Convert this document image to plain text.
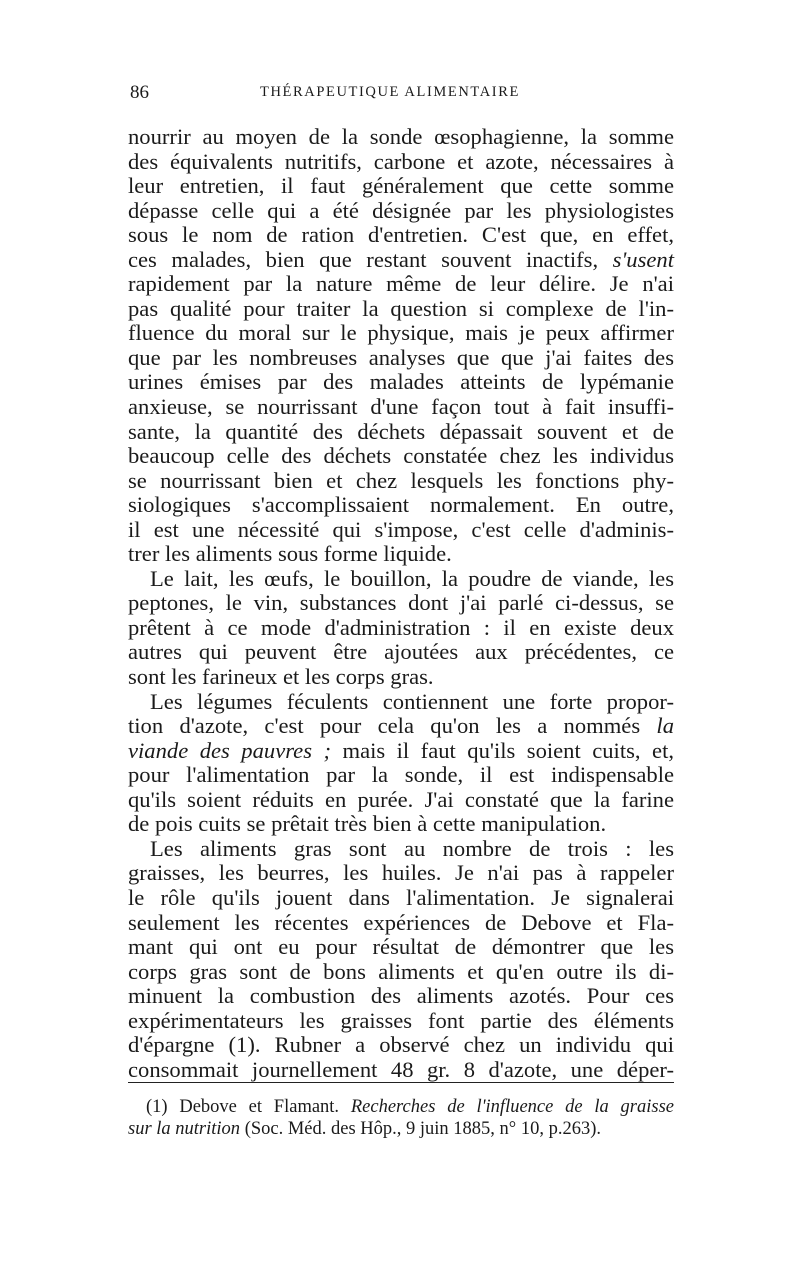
86	THÉRAPEUTIQUE ALIMENTAIRE
nourrir au moyen de la sonde œsophagienne, la somme
des équivalents nutritifs, carbone et azote, nécessaires à
leur entretien, il faut généralement que cette somme
dépasse celle qui a été désignée par les physiologistes
sous le nom de ration d'entretien. C'est que, en effet,
ces malades, bien que restant souvent inactifs, s'usent
rapidement par la nature même de leur délire. Je n'ai
pas qualité pour traiter la question si complexe de l'in-
fluence du moral sur le physique, mais je peux affirmer
que par les nombreuses analyses que que j'ai faites des
urines émises par des malades atteints de lypémanie
anxieuse, se nourrissant d'une façon tout à fait insuffi-
sante, la quantité des déchets dépassait souvent et de
beaucoup celle des déchets constatée chez les individus
se nourrissant bien et chez lesquels les fonctions phy-
siologiques s'accomplissaient normalement. En outre,
il est une nécessité qui s'impose, c'est celle d'adminis-
trer les aliments sous forme liquide.
Le lait, les œufs, le bouillon, la poudre de viande, les
peptones, le vin, substances dont j'ai parlé ci-dessus, se
prêtent à ce mode d'administration : il en existe deux
autres qui peuvent être ajoutées aux précédentes, ce
sont les farineux et les corps gras.
Les légumes féculents contiennent une forte propor-
tion d'azote, c'est pour cela qu'on les a nommés la
viande des pauvres ; mais il faut qu'ils soient cuits, et,
pour l'alimentation par la sonde, il est indispensable
qu'ils soient réduits en purée. J'ai constaté que la farine
de pois cuits se prêtait très bien à cette manipulation.
Les aliments gras sont au nombre de trois : les
graisses, les beurres, les huiles. Je n'ai pas à rappeler
le rôle qu'ils jouent dans l'alimentation. Je signalerai
seulement les récentes expériences de Debove et Fla-
mant qui ont eu pour résultat de démontrer que les
corps gras sont de bons aliments et qu'en outre ils di-
minuent la combustion des aliments azotés. Pour ces
expérimentateurs les graisses font partie des éléments
d'épargne (1). Rubner a observé chez un individu qui
consommait journellement 48 gr. 8 d'azote, une déper-
(1) Debove et Flamant. Recherches de l'influence de la graisse
sur la nutrition (Soc. Méd. des Hôp., 9 juin 1885, n° 10, p.263).
